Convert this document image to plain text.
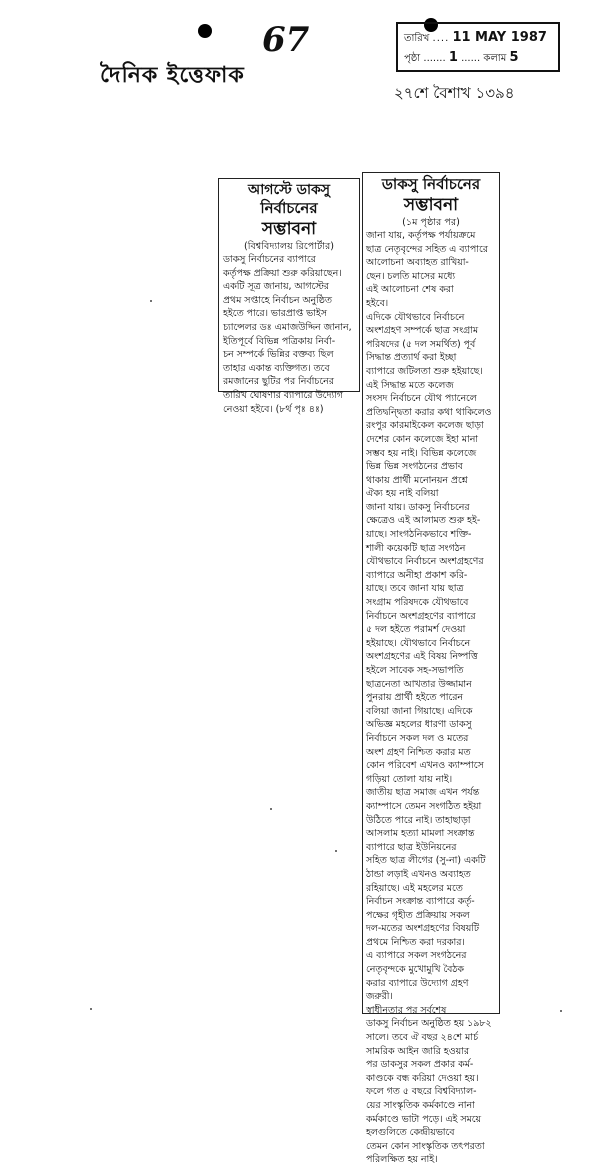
67
দৈনিক ইত্তেফাক
২৭শে বৈশাখ ১৩৯৪
তারিখ .... 11 MAY 1987
পৃষ্ঠা ....... 1 ...... কলাম 5
আগস্টে ডাকসু
নির্বাচনের
সম্ভাবনা
(বিশ্ববিদ্যালয় রিপোর্টার)
ডাকসু নির্বাচনের ব্যাপারে
কর্তৃপক্ষ প্রক্রিয়া শুরু করিয়াছেন।
একটি সূত্র জানায়, আগস্টের
প্রথম সপ্তাহে নির্বাচন অনুষ্ঠিত
হইতে পারে। ভারপ্রাপ্ত ভাইস
চ্যান্সেলর ডঃ এমাজউদ্দিন জানান,
ইতিপূর্বে বিভিন্ন পত্রিকায় নির্বা-
চন সম্পর্কে ভিন্নির বক্তব্য ছিল
তাহার একান্ত ব্যক্তিগত। তবে
রমজানের ছুটির পর নির্বাচনের
তারিখ ঘোষণার ব্যাপারে উদ্যোগ
নেওয়া হইবে। (৮র্থ পৃঃ ৪ঃ)
ডাকসু নির্বাচনের
সম্ভাবনা
(১ম পৃষ্ঠার পর)
জানা যায়, কর্তৃপক্ষ পর্যায়ক্রমে
ছাত্র নেতৃবৃন্দের সহিত এ ব্যাপারে
আলোচনা অব্যাহত রাখিয়া-
ছেন। চলতি মাসের মধ্যে
এই আলোচনা শেষ করা
হইবে।
এদিকে যৌথভাবে নির্বাচনে
অংশগ্রহণ সম্পর্কে ছাত্র সংগ্রাম
পরিষদের (৫ দল সমর্থিত) পূর্ব
সিদ্ধান্ত প্রত্যার্থ করা ইচ্ছা
ব্যাপারে জটিলতা শুরু হইয়াছে।
এই সিদ্ধান্ত মতে কলেজ
সংসদ নির্বাচনে যৌথ প্যানেলে
প্রতিদ্বন্দ্বিতা করার কথা থাকিলেও
রংপুর কারমাইকেল কলেজ ছাড়া
দেশের কোন কলেজে ইহা মানা
সম্ভব হয় নাই। বিভিন্ন কলেজে
ভিন্ন ভিন্ন সংগঠনের প্রভাব
থাকায় প্রার্থী মনোনয়ন প্রশ্নে
ঐক্য হয় নাই বলিয়া
জানা যায়। ডাকসু নির্বাচনের
ক্ষেত্রেও এই আলামত শুরু হই-
য়াছে। সাংগঠনিকভাবে শক্তি-
শালী কয়েকটি ছাত্র সংগঠন
যৌথভাবে নির্বাচনে অংশগ্রহণের
ব্যাপারে অনীহা প্রকাশ করি-
য়াছে। তবে জানা যায় ছাত্র
সংগ্রাম পরিষদকে যৌথভাবে
নির্বাচনে অংশগ্রহণের ব্যাপারে
৫ দল হইতে পরামর্শ দেওয়া
হইয়াছে। যৌথভাবে নির্বাচনে
অংশগ্রহণের এই বিষয় নিষ্পত্তি
হইলে সাবেক সহ-সভাপতি
ছাত্রনেতা আখতার উজ্জামান
পুনরায় প্রার্থী হইতে পারেন
বলিয়া জানা গিয়াছে। এদিকে
অভিজ্ঞ মহলের ধারণা ডাকসু
নির্বাচনে সকল দল ও মতের
অংশ গ্রহণ নিশ্চিত করার মত
কোন পরিবেশ এখনও ক্যাম্পাসে
গড়িয়া তোলা যায় নাই।
জাতীয় ছাত্র সমাজ এখন পর্যন্ত
ক্যাম্পাসে তেমন সংগঠিত হইয়া
উঠিতে পারে নাই। তাহাছাড়া
আসলাম হত্যা মামলা সংক্রান্ত
ব্যাপারে ছাত্র ইউনিয়নের
সহিত ছাত্র লীগের (সু-না) একটি
ঠান্ডা লড়াই এখনও অব্যাহত
রহিয়াছে। এই মহলের মতে
নির্বাচন সংক্রান্ত ব্যাপারে কর্তৃ-
পক্ষের গৃহীত প্রক্রিয়ায় সকল
দল-মতের অংশগ্রহণের বিষয়টি
প্রথমে নিশ্চিত করা দরকার।
এ ব্যাপারে সকল সংগঠনের
নেতৃবৃন্দকে মুখোমুখি বৈঠক
করার ব্যাপারে উদ্যোগ গ্রহণ
জরুরী।
স্বাধীনতার পর সর্বশেষ
ডাকসু নির্বাচন অনুষ্ঠিত হয় ১৯৮২
সালে। তবে ঐ বছর ২৪শে মার্চ
সামরিক আইন জারি হওয়ার
পর ডাকসুর সকল প্রকার কর্ম-
কাণ্ডকে বন্ধ করিয়া দেওয়া হয়।
ফলে গত ৫ বছরে বিশ্ববিদ্যাল-
য়ের সাংস্কৃতিক কর্মকাণ্ডে নানা
কর্মকাণ্ডে ভাটা পড়ে। এই সময়ে
হলগুলিতে কেন্দ্রীয়ভাবে
তেমন কোন সাংস্কৃতিক তৎপরতা
পরিলক্ষিত হয় নাই।
